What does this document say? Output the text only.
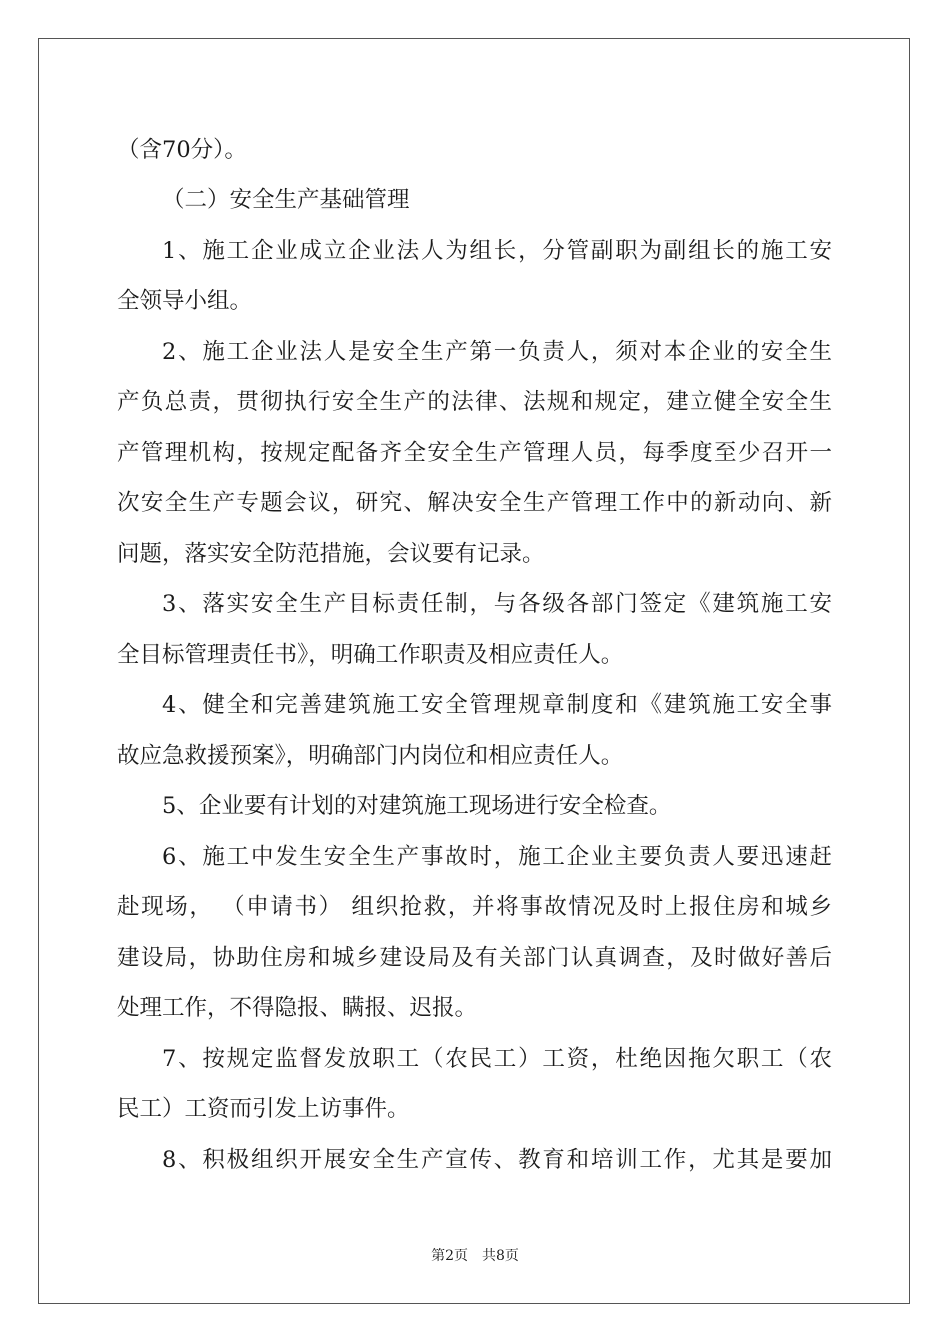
（含70分）。
（二）安全生产基础管理
1、施工企业成立企业法人为组长，分管副职为副组长的施工安
全领导小组。
2、施工企业法人是安全生产第一负责人，须对本企业的安全生
产负总责，贯彻执行安全生产的法律、法规和规定，建立健全安全生
产管理机构，按规定配备齐全安全生产管理人员，每季度至少召开一
次安全生产专题会议，研究、解决安全生产管理工作中的新动向、新
问题，落实安全防范措施，会议要有记录。
3、落实安全生产目标责任制，与各级各部门签定《建筑施工安
全目标管理责任书》，明确工作职责及相应责任人。
4、健全和完善建筑施工安全管理规章制度和《建筑施工安全事
故应急救援预案》，明确部门内岗位和相应责任人。
5、企业要有计划的对建筑施工现场进行安全检查。
6、施工中发生安全生产事故时，施工企业主要负责人要迅速赶
赴现场， （申请书） 组织抢救，并将事故情况及时上报住房和城乡
建设局，协助住房和城乡建设局及有关部门认真调查，及时做好善后
处理工作，不得隐报、瞒报、迟报。
7、按规定监督发放职工（农民工）工资，杜绝因拖欠职工（农
民工）工资而引发上访事件。
8、积极组织开展安全生产宣传、教育和培训工作，尤其是要加
第2页　共8页
